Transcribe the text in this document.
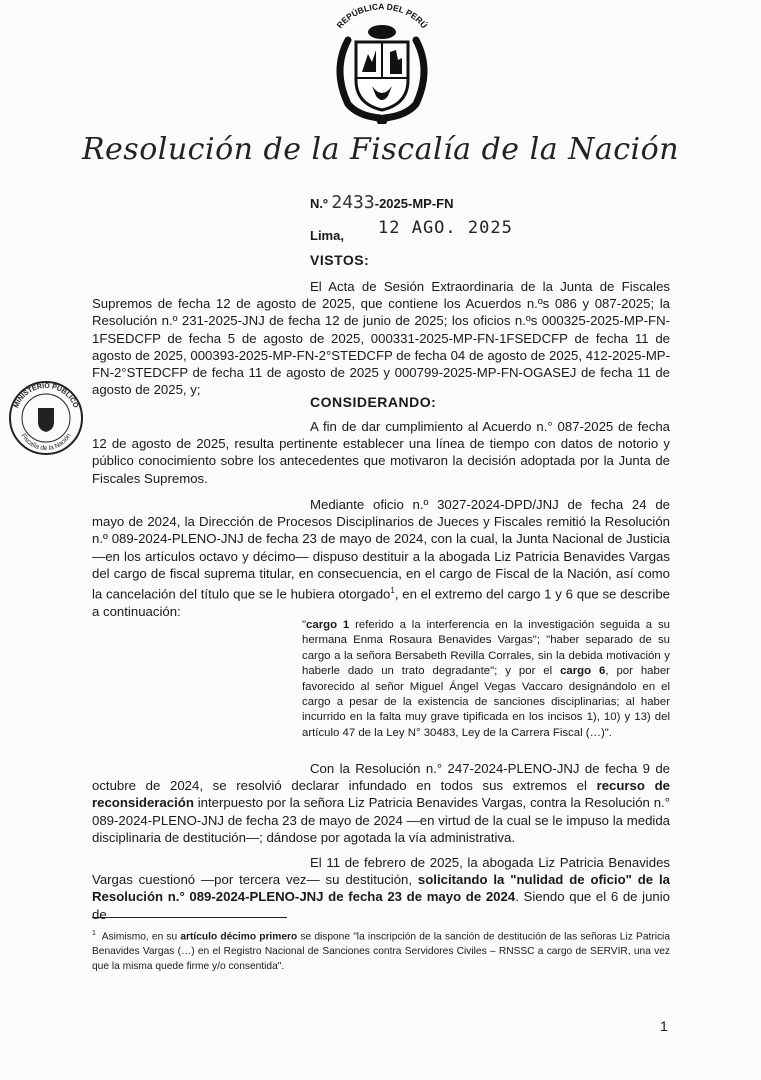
REPÚBLICA DEL PERÚ
Resolución de la Fiscalía de la Nación
N.º 2433-2025-MP-FN
Lima, 12 AGO. 2025
VISTOS:
El Acta de Sesión Extraordinaria de la Junta de Fiscales Supremos de fecha 12 de agosto de 2025, que contiene los Acuerdos n.ºs 086 y 087-2025; la Resolución n.º 231-2025-JNJ de fecha 12 de junio de 2025; los oficios n.ºs 000325-2025-MP-FN-1FSEDCFP de fecha 5 de agosto de 2025, 000331-2025-MP-FN-1FSEDCFP de fecha 11 de agosto de 2025, 000393-2025-MP-FN-2°STEDCFP de fecha 04 de agosto de 2025, 412-2025-MP-FN-2°STEDCFP de fecha 11 de agosto de 2025 y 000799-2025-MP-FN-OGASEJ de fecha 11 de agosto de 2025, y;
MINISTERIO PÚBLICO
Fiscalía de la Nación
CONSIDERANDO:
A fin de dar cumplimiento al Acuerdo n.° 087-2025 de fecha 12 de agosto de 2025, resulta pertinente establecer una línea de tiempo con datos de notorio y público conocimiento sobre los antecedentes que motivaron la decisión adoptada por la Junta de Fiscales Supremos.
Mediante oficio n.º 3027-2024-DPD/JNJ de fecha 24 de mayo de 2024, la Dirección de Procesos Disciplinarios de Jueces y Fiscales remitió la Resolución n.º 089-2024-PLENO-JNJ de fecha 23 de mayo de 2024, con la cual, la Junta Nacional de Justicia —en los artículos octavo y décimo— dispuso destituir a la abogada Liz Patricia Benavides Vargas del cargo de fiscal suprema titular, en consecuencia, en el cargo de Fiscal de la Nación, así como la cancelación del título que se le hubiera otorgado$^1$, en el extremo del cargo 1 y 6 que se describe a continuación:
"cargo 1 referido a la interferencia en la investigación seguida a su hermana Enma Rosaura Benavides Vargas"; "haber separado de su cargo a la señora Bersabeth Revilla Corrales, sin la debida motivación y haberle dado un trato degradante"; y por el cargo 6, por haber favorecido al señor Miguel Ángel Vegas Vaccaro designándolo en el cargo a pesar de la existencia de sanciones disciplinarias; al haber incurrido en la falta muy grave tipificada en los incisos 1), 10) y 13) del artículo 47 de la Ley N° 30483, Ley de la Carrera Fiscal (…)".
Con la Resolución n.° 247-2024-PLENO-JNJ de fecha 9 de octubre de 2024, se resolvió declarar infundado en todos sus extremos el recurso de reconsideración interpuesto por la señora Liz Patricia Benavides Vargas, contra la Resolución n.° 089-2024-PLENO-JNJ de fecha 23 de mayo de 2024 —en virtud de la cual se le impuso la medida disciplinaria de destitución—; dándose por agotada la vía administrativa.
El 11 de febrero de 2025, la abogada Liz Patricia Benavides Vargas cuestionó —por tercera vez— su destitución, solicitando la "nulidad de oficio" de la Resolución n.° 089-2024-PLENO-JNJ de fecha 23 de mayo de 2024. Siendo que el 6 de junio de
$^1$ Asimismo, en su artículo décimo primero se dispone "la inscripción de la sanción de destitución de las señoras Liz Patricia Benavides Vargas (…) en el Registro Nacional de Sanciones contra Servidores Civiles – RNSSC a cargo de SERVIR, una vez que la misma quede firme y/o consentida".
1
